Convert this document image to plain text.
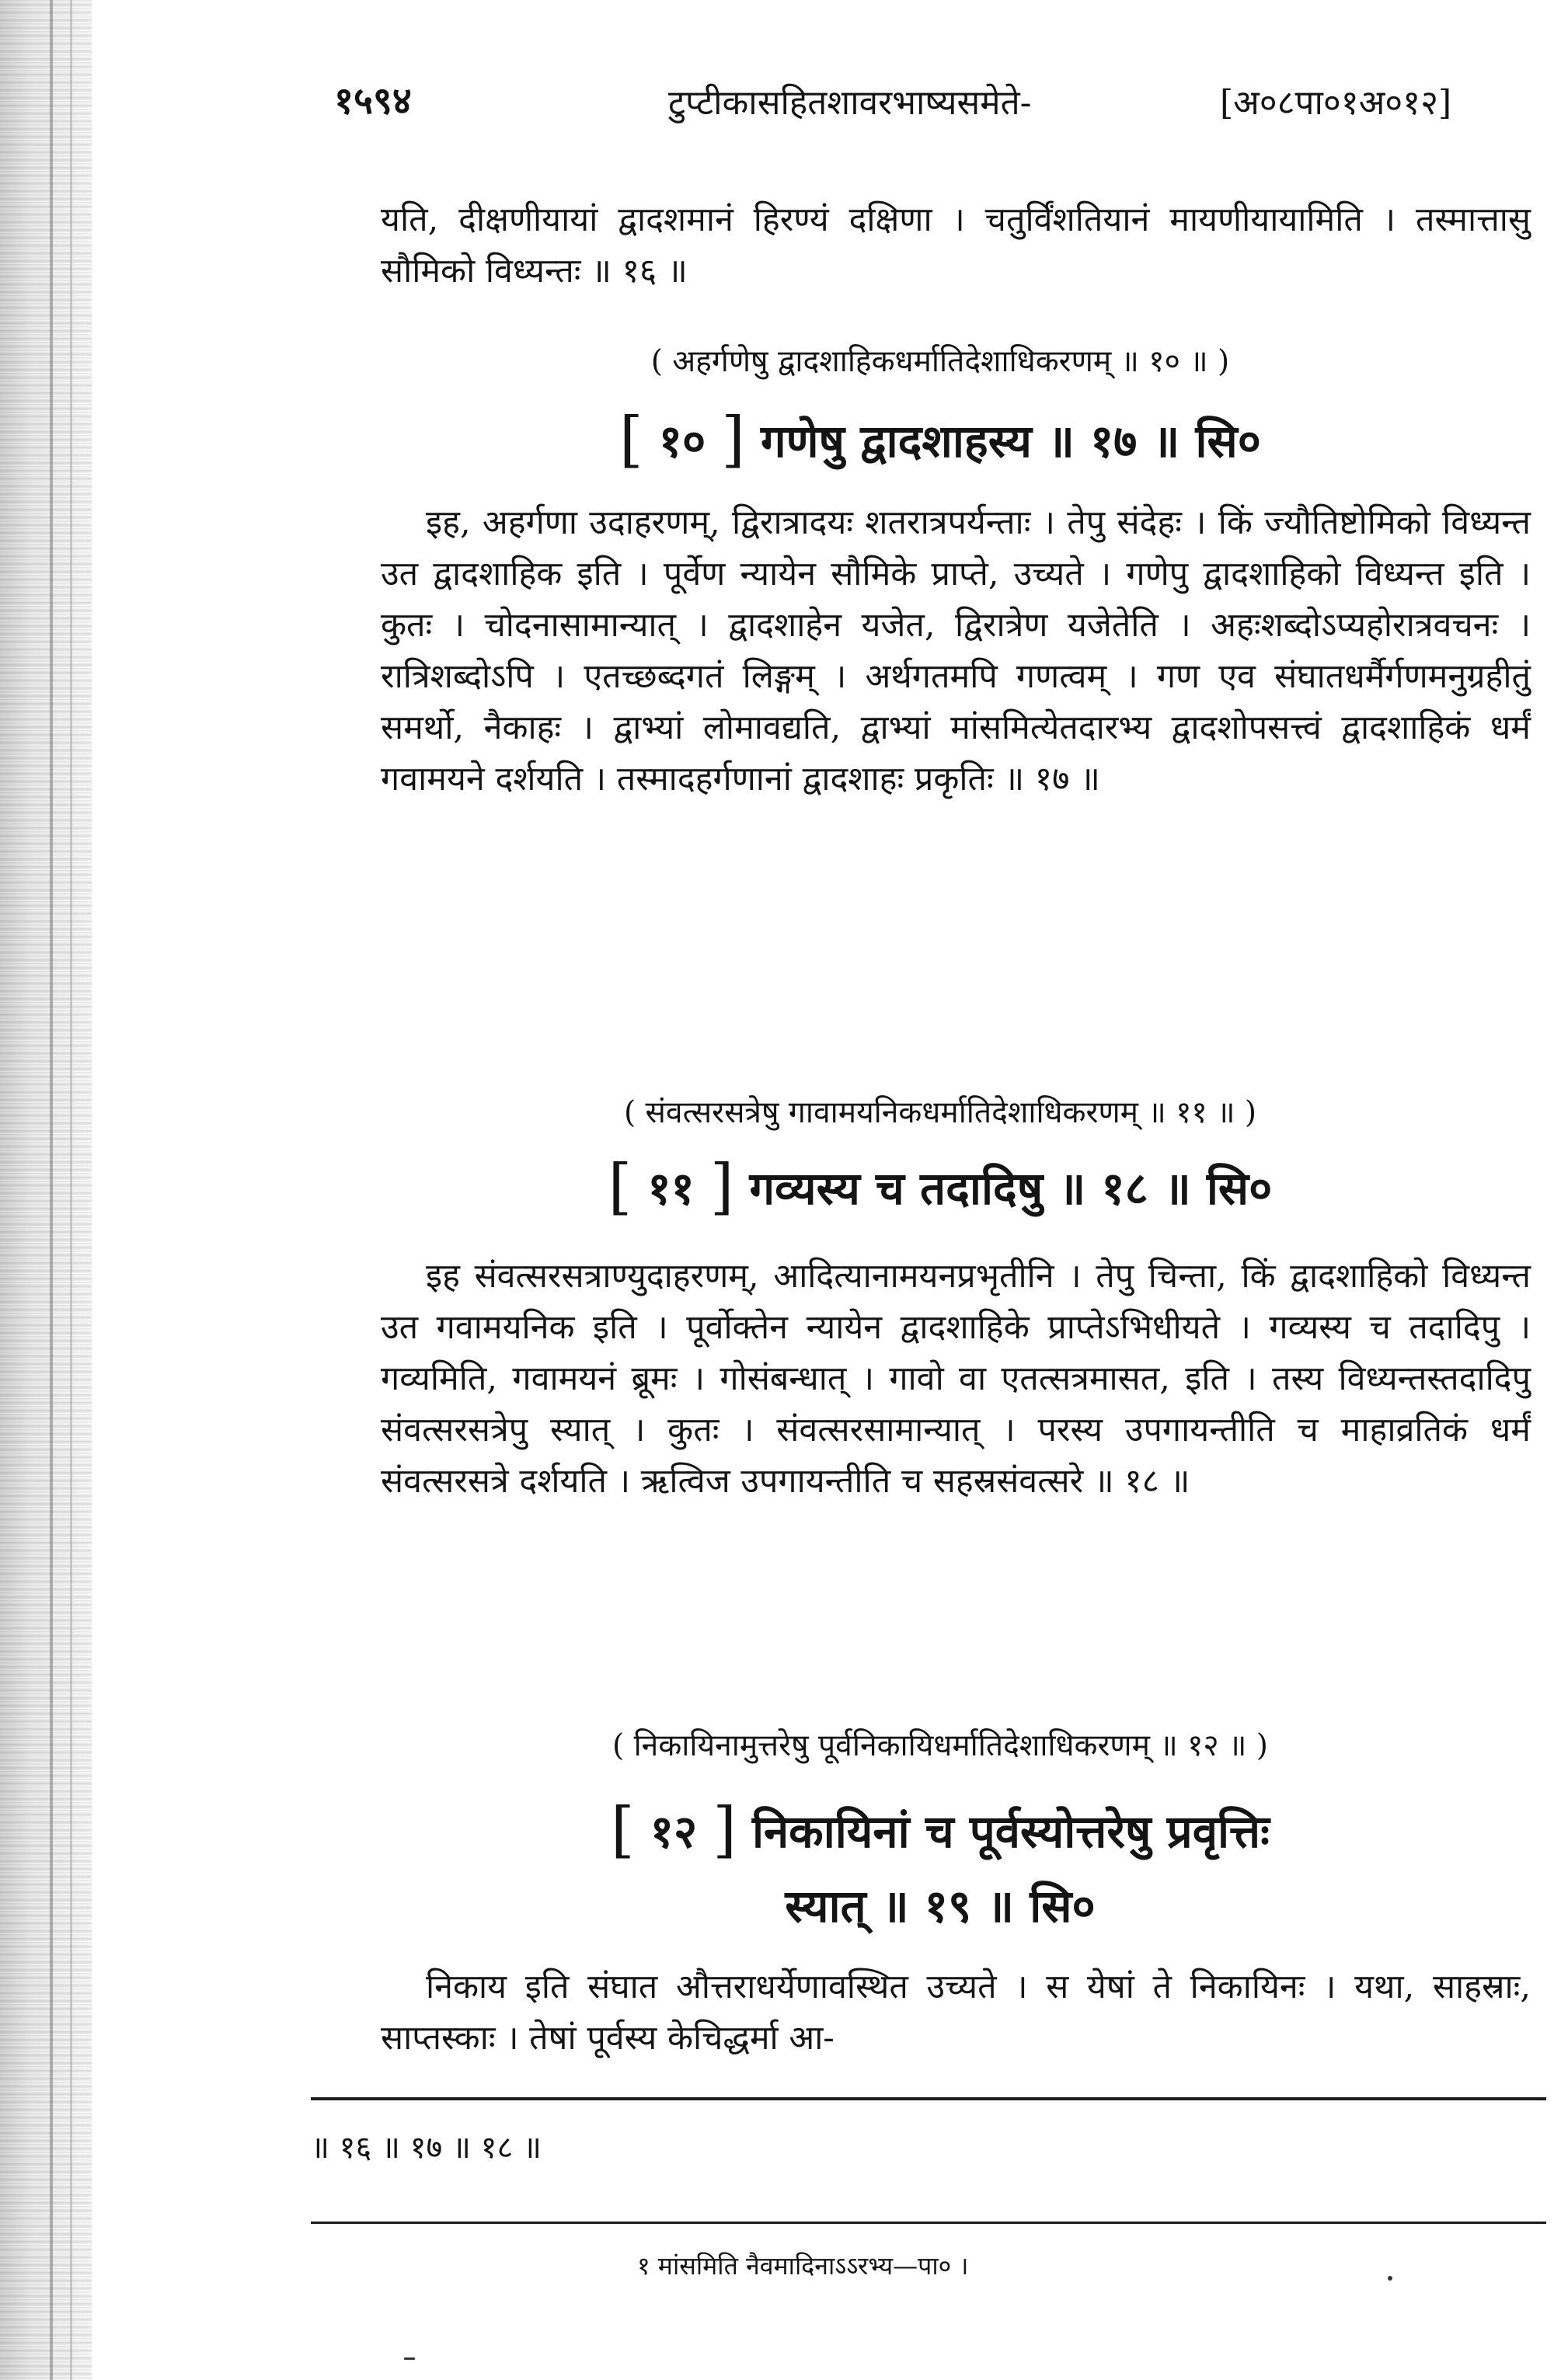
१५९४	टुप्टीकासहितशावरभाष्यसमेते-	[अ०८पा०१अ०१२]
यति, दीक्षणीयायां द्वादशमानं हिरण्यं दक्षिणा । चतुर्विंशतियानं मायणीयायामिति । तस्मात्तासु सौमिको विध्यन्तः ॥ १६ ॥
( अहर्गणेषु द्वादशाहिकधर्मातिदेशाधिकरणम् ॥ १० ॥ )
[ १० ] गणेषु द्वादशाहस्य ॥ १७ ॥ सि०
इह, अहर्गणा उदाहरणम्, द्विरात्रादयः शतरात्रपर्यन्ताः । तेपु संदेहः । किं ज्यौतिष्टोमिको विध्यन्त उत द्वादशाहिक इति । पूर्वेण न्यायेन सौमिके प्राप्ते, उच्यते । गणेपु द्वादशाहिको विध्यन्त इति । कुतः । चोदनासामान्यात् । द्वादशाहेन यजेत, द्विरात्रेण यजेतेति । अहःशब्दोऽप्यहोरात्रवचनः । रात्रिशब्दोऽपि । एतच्छब्दगतं लिङ्गम् । अर्थगतमपि गणत्वम् । गण एव संघातधर्मैर्गणमनुग्रहीतुं समर्थो, नैकाहः । द्वाभ्यां लोमावद्यति, द्वाभ्यां मांसमित्येतदारभ्य द्वादशोपसत्त्वं द्वादशाहिकं धर्मं गवामयने दर्शयति । तस्मादहर्गणानां द्वादशाहः प्रकृतिः ॥ १७ ॥
( संवत्सरसत्रेषु गावामयनिकधर्मातिदेशाधिकरणम् ॥ ११ ॥ )
[ ११ ] गव्यस्य च तदादिषु ॥ १८ ॥ सि०
इह संवत्सरसत्राण्युदाहरणम्, आदित्यानामयनप्रभृतीनि । तेपु चिन्ता, किं द्वादशाहिको विध्यन्त उत गवामयनिक इति । पूर्वोक्तेन न्यायेन द्वादशाहिके प्राप्तेऽभिधीयते । गव्यस्य च तदादिपु । गव्यमिति, गवामयनं ब्रूमः । गोसंबन्धात् । गावो वा एतत्सत्रमासत, इति । तस्य विध्यन्तस्तदादिपु संवत्सरसत्रेपु स्यात् । कुतः । संवत्सरसामान्यात् । परस्य उपगायन्तीति च माहाव्रतिकं धर्मं संवत्सरसत्रे दर्शयति । ऋत्विज उपगायन्तीति च सहस्रसंवत्सरे ॥ १८ ॥
( निकायिनामुत्तरेषु पूर्वनिकायिधर्मातिदेशाधिकरणम् ॥ १२ ॥ )
[ १२ ] निकायिनां च पूर्वस्योत्तरेषु प्रवृत्तिः
स्यात् ॥ १९ ॥ सि०
निकाय इति संघात औत्तराधर्येणावस्थित उच्यते । स येषां ते निकायिनः । यथा, साहस्राः, साप्तस्काः । तेषां पूर्वस्य केचिद्धर्मा आ-
॥ १६ ॥ १७ ॥ १८ ॥
१ मांसमिति नैवमादिनाऽऽरभ्य—पा० ।
